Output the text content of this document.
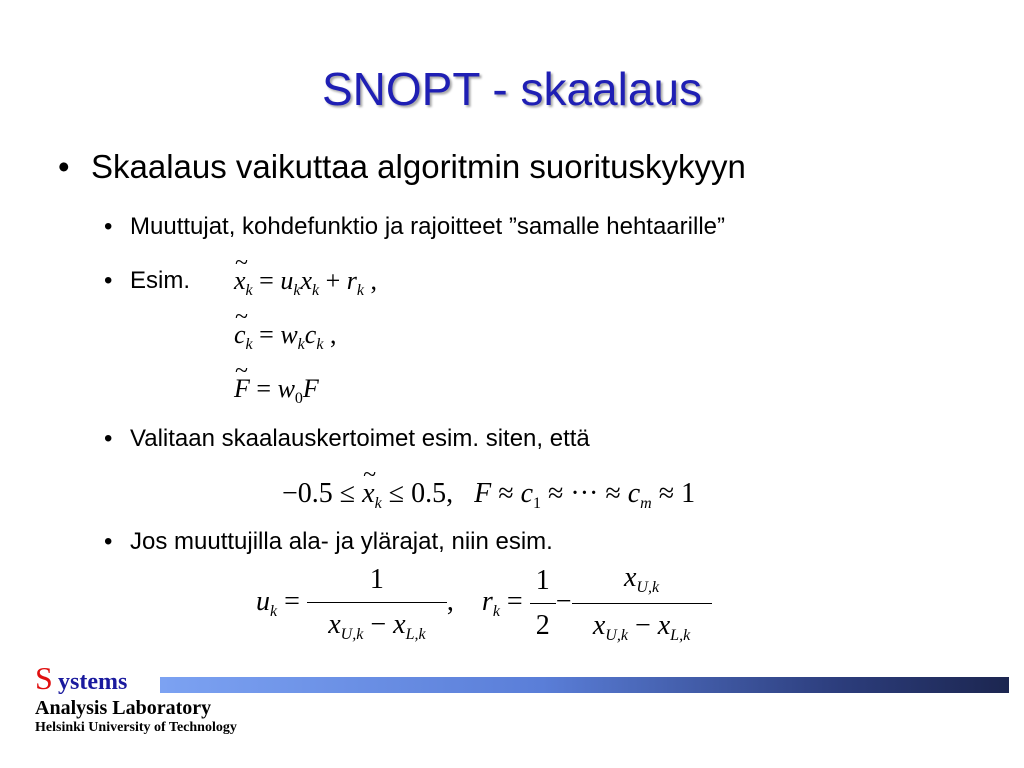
SNOPT - skaalaus
• Skaalaus vaikuttaa algoritmin suorituskykyyn
• Muuttujat, kohdefunktio ja rajoitteet ”samalle hehtaarille”
• Esim.
~ $x_k = u_kx_k + r_k$ ,
~ $c_k = w_kc_k$ ,
~ $F = w_0F$
• Valitaan skaalauskertoimet esim. siten, että
−0.5 ≤ ~ $x_k \le 0.5$,   $F \approx c_1$ ≈ ··· ≈ $c_m \approx 1$
• Jos muuttujilla ala- ja ylärajat, niin esim.
$u_k = \frac{1}{x_{U,k} - x_{L,k}}$ ,    $r_k = \frac{1}{2} - \frac{x_{U,k}}{x_{U,k} - x_{L,k}}$
S ystems
Analysis Laboratory
Helsinki University of Technology
